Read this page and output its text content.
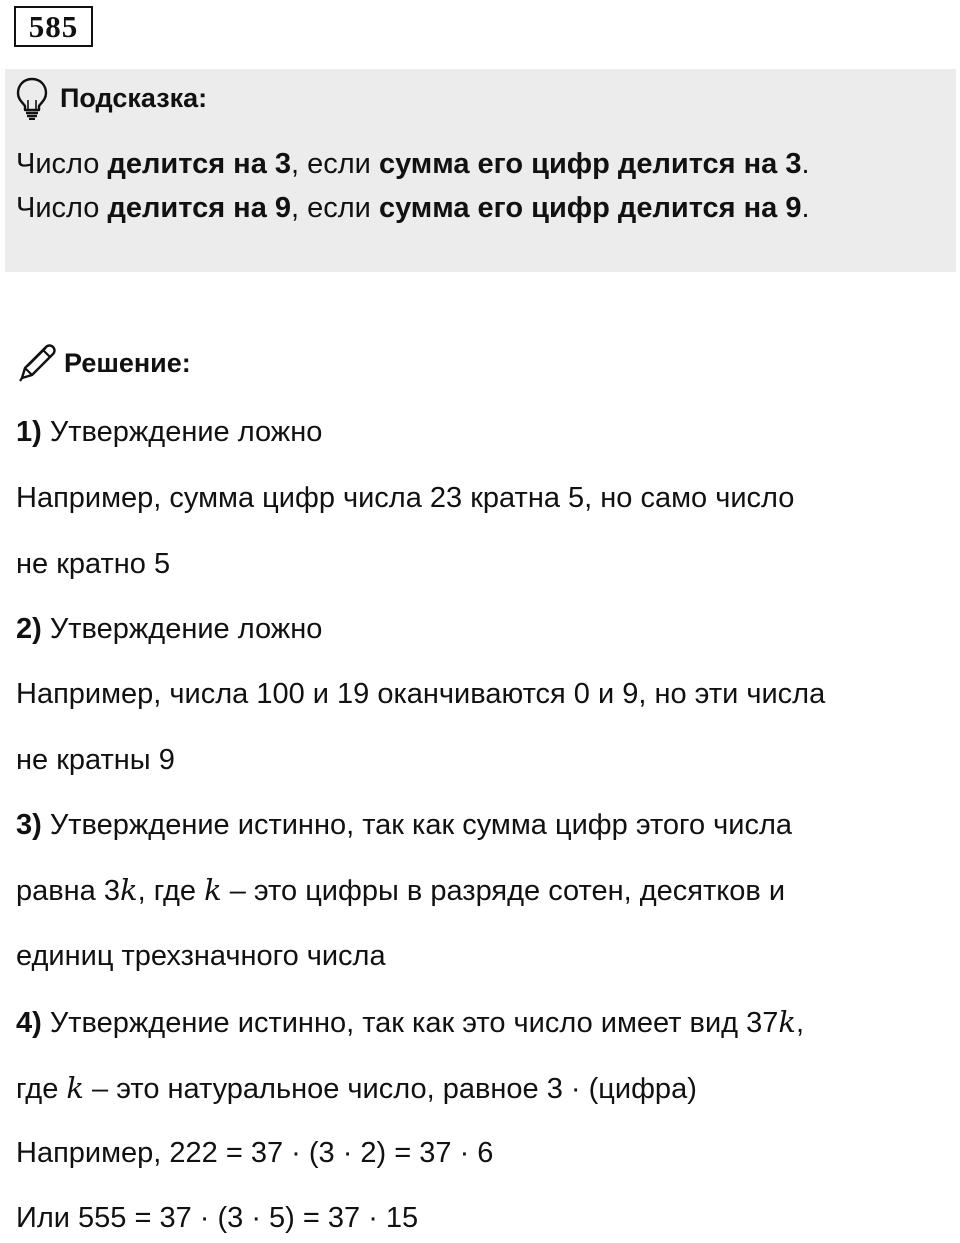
585
Подсказка:
Число делится на 3, если сумма его цифр делится на 3.
Число делится на 9, если сумма его цифр делится на 9.
Решение:
1) Утверждение ложно
Например, сумма цифр числа 23 кратна 5, но само число
не кратно 5
2) Утверждение ложно
Например, числа 100 и 19 оканчиваются 0 и 9, но эти числа
не кратны 9
3) Утверждение истинно, так как сумма цифр этого числа
равна 3k, где k – это цифры в разряде сотен, десятков и
единиц трехзначного числа
4) Утверждение истинно, так как это число имеет вид 37k,
где k – это натуральное число, равное 3 · (цифра)
Например, 222 = 37 · (3 · 2) = 37 · 6
Или 555 = 37 · (3 · 5) = 37 · 15
